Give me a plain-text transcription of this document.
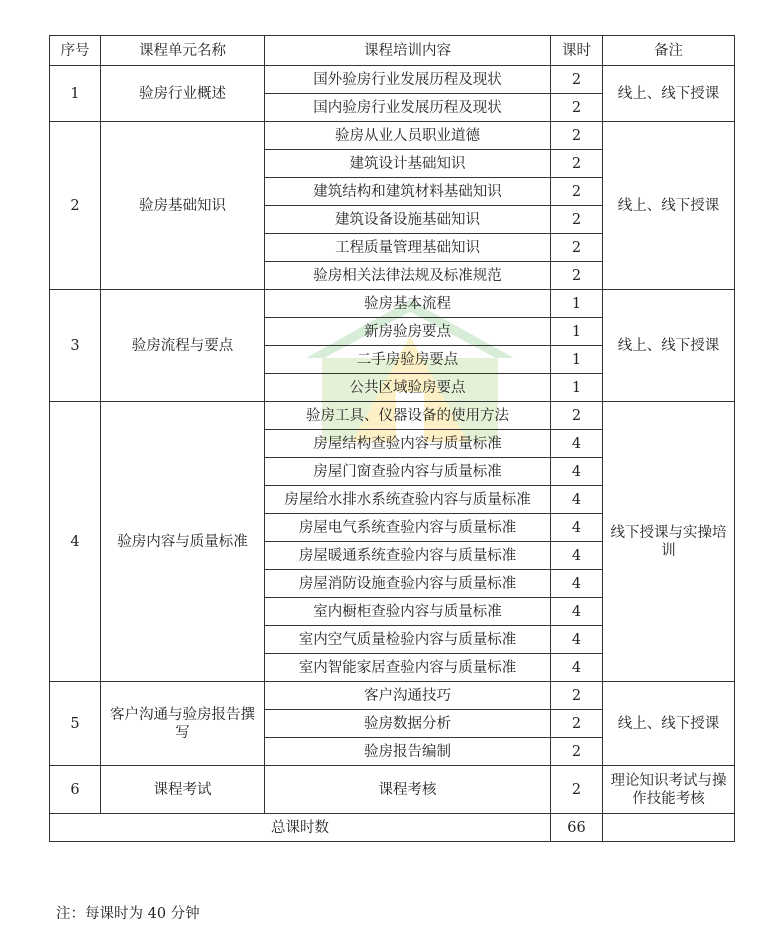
序号	课程单元名称	课程培训内容	课时	备注
1	验房行业概述	国外验房行业发展历程及现状	2	线上、线下授课
		国内验房行业发展历程及现状	2	
2	验房基础知识	验房从业人员职业道德	2	线上、线下授课
		建筑设计基础知识	2	
		建筑结构和建筑材料基础知识	2	
		建筑设备设施基础知识	2	
		工程质量管理基础知识	2	
		验房相关法律法规及标准规范	2	
3	验房流程与要点	验房基本流程	1	线上、线下授课
		新房验房要点	1	
		二手房验房要点	1	
		公共区域验房要点	1	
4	验房内容与质量标准	验房工具、仪器设备的使用方法	2	线下授课与实操培训
		房屋结构查验内容与质量标准	4	
		房屋门窗查验内容与质量标准	4	
		房屋给水排水系统查验内容与质量标准	4	
		房屋电气系统查验内容与质量标准	4	
		房屋暖通系统查验内容与质量标准	4	
		房屋消防设施查验内容与质量标准	4	
		室内橱柜查验内容与质量标准	4	
		室内空气质量检验内容与质量标准	4	
		室内智能家居查验内容与质量标准	4	
5	客户沟通与验房报告撰写	客户沟通技巧	2	线上、线下授课
		验房数据分析	2	
		验房报告编制	2	
6	课程考试	课程考核	2	理论知识考试与操作技能考核
总课时数			66	
注：每课时为 40 分钟
